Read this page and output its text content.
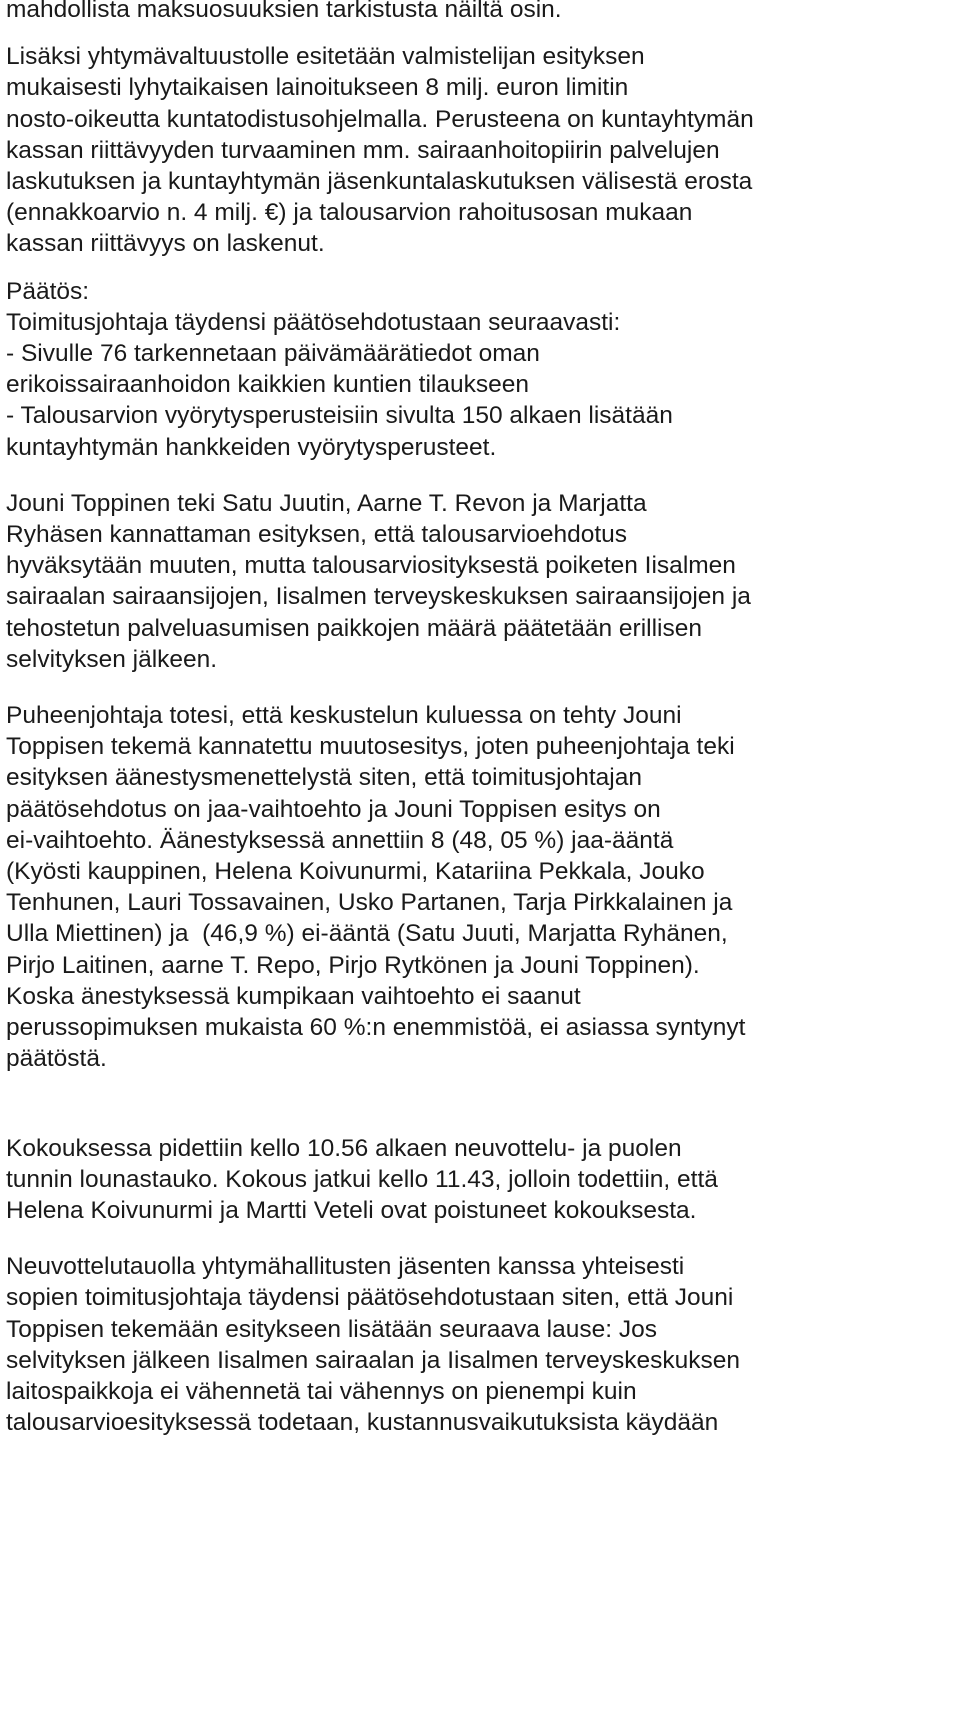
mahdollista maksuosuuksien tarkistusta näiltä osin.
Lisäksi yhtymävaltuustolle esitetään valmistelijan esityksen
mukaisesti lyhytaikaisen lainoitukseen 8 milj. euron limitin
nosto-oikeutta kuntatodistusohjelmalla. Perusteena on kuntayhtymän
kassan riittävyyden turvaaminen mm. sairaanhoitopiirin palvelujen
laskutuksen ja kuntayhtymän jäsenkuntalaskutuksen välisestä erosta
(ennakkoarvio n. 4 milj. €) ja talousarvion rahoitusosan mukaan
kassan riittävyys on laskenut.
Päätös:
Toimitusjohtaja täydensi päätösehdotustaan seuraavasti:
- Sivulle 76 tarkennetaan päivämäärätiedot oman
erikoissairaanhoidon kaikkien kuntien tilaukseen
- Talousarvion vyörytysperusteisiin sivulta 150 alkaen lisätään
kuntayhtymän hankkeiden vyörytysperusteet.
Jouni Toppinen teki Satu Juutin, Aarne T. Revon ja Marjatta
Ryhäsen kannattaman esityksen, että talousarvioehdotus
hyväksytään muuten, mutta talousarviosityksestä poiketen Iisalmen
sairaalan sairaansijojen, Iisalmen terveyskeskuksen sairaansijojen ja
tehostetun palveluasumisen paikkojen määrä päätetään erillisen
selvityksen jälkeen.
Puheenjohtaja totesi, että keskustelun kuluessa on tehty Jouni
Toppisen tekemä kannatettu muutosesitys, joten puheenjohtaja teki
esityksen äänestysmenettelystä siten, että toimitusjohtajan
päätösehdotus on jaa-vaihtoehto ja Jouni Toppisen esitys on
ei-vaihtoehto. Äänestyksessä annettiin 8 (48, 05 %) jaa-ääntä
(Kyösti kauppinen, Helena Koivunurmi, Katariina Pekkala, Jouko
Tenhunen, Lauri Tossavainen, Usko Partanen, Tarja Pirkkalainen ja
Ulla Miettinen) ja  (46,9 %) ei-ääntä (Satu Juuti, Marjatta Ryhänen,
Pirjo Laitinen, aarne T. Repo, Pirjo Rytkönen ja Jouni Toppinen).
Koska änestyksessä kumpikaan vaihtoehto ei saanut
perussopimuksen mukaista 60 %:n enemmistöä, ei asiassa syntynyt
päätöstä.
Kokouksessa pidettiin kello 10.56 alkaen neuvottelu- ja puolen
tunnin lounastauko. Kokous jatkui kello 11.43, jolloin todettiin, että
Helena Koivunurmi ja Martti Veteli ovat poistuneet kokouksesta.
Neuvottelutauolla yhtymähallitusten jäsenten kanssa yhteisesti
sopien toimitusjohtaja täydensi päätösehdotustaan siten, että Jouni
Toppisen tekemään esitykseen lisätään seuraava lause: Jos
selvityksen jälkeen Iisalmen sairaalan ja Iisalmen terveyskeskuksen
laitospaikkoja ei vähennetä tai vähennys on pienempi kuin
talousarvioesityksessä todetaan, kustannusvaikutuksista käydään
